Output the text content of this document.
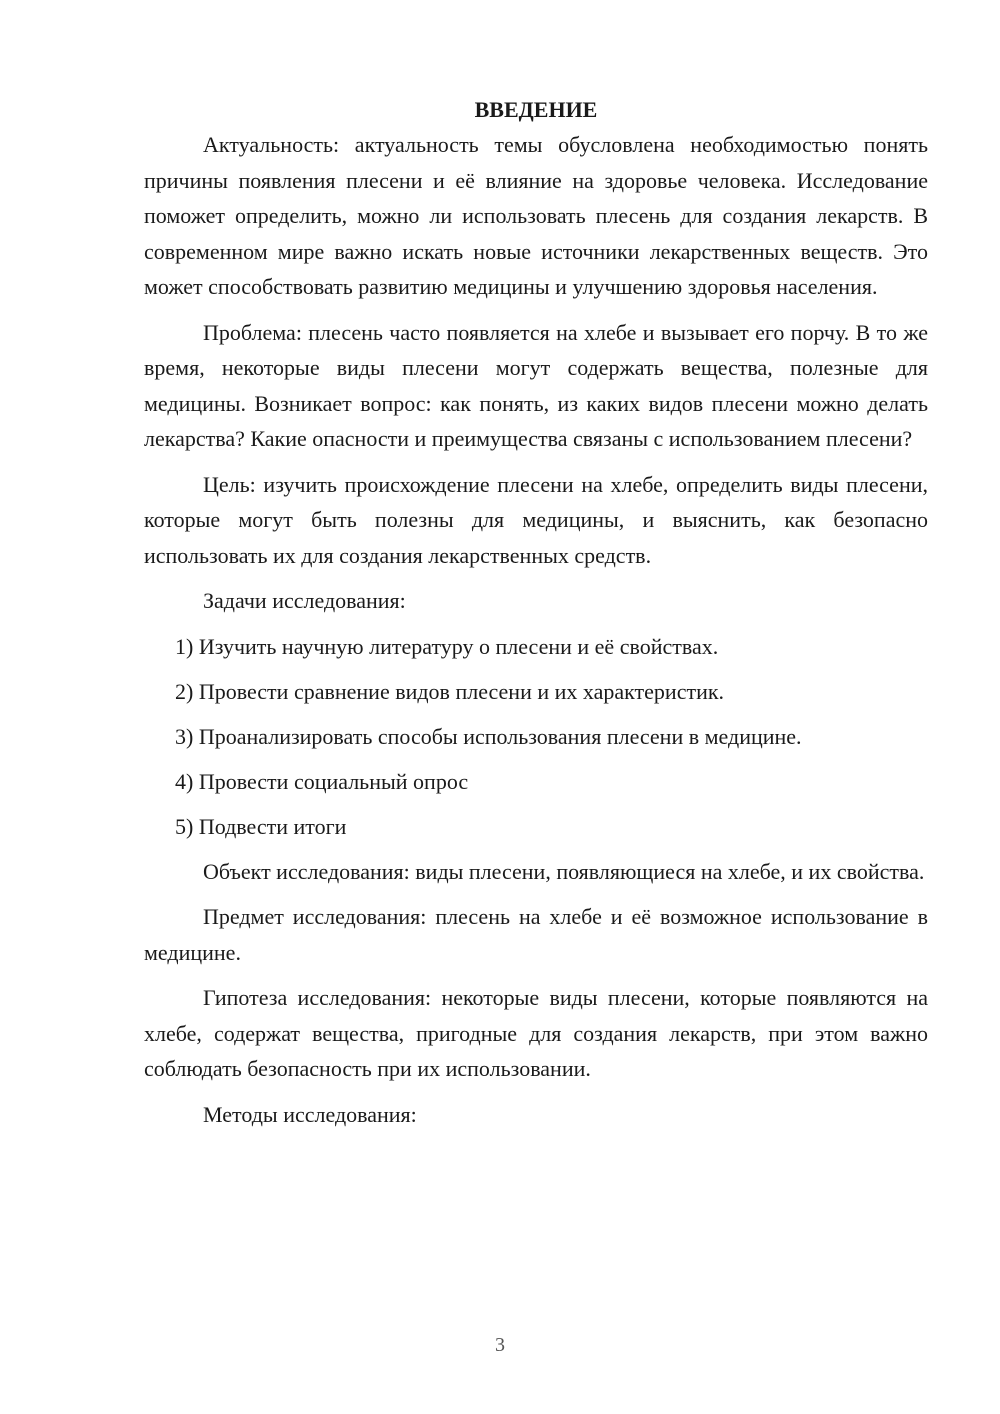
ВВЕДЕНИЕ

Актуальность: актуальность темы обусловлена необходимостью понять причины появления плесени и её влияние на здоровье человека. Исследование поможет определить, можно ли использовать плесень для создания лекарств. В современном мире важно искать новые источники лекарственных веществ. Это может способствовать развитию медицины и улучшению здоровья населения.

Проблема: плесень часто появляется на хлебе и вызывает его порчу. В то же время, некоторые виды плесени могут содержать вещества, полезные для медицины. Возникает вопрос: как понять, из каких видов плесени можно делать лекарства? Какие опасности и преимущества связаны с использованием плесени?

Цель: изучить происхождение плесени на хлебе, определить виды плесени, которые могут быть полезны для медицины, и выяснить, как безопасно использовать их для создания лекарственных средств.

Задачи исследования:

1) Изучить научную литературу о плесени и её свойствах.

2) Провести сравнение видов плесени и их характеристик.

3) Проанализировать способы использования плесени в медицине.

4) Провести социальный опрос

5) Подвести итоги

Объект исследования: виды плесени, появляющиеся на хлебе, и их свойства.

Предмет исследования: плесень на хлебе и её возможное использование в медицине.

Гипотеза исследования: некоторые виды плесени, которые появляются на хлебе, содержат вещества, пригодные для создания лекарств, при этом важно соблюдать безопасность при их использовании.

Методы исследования:

3
